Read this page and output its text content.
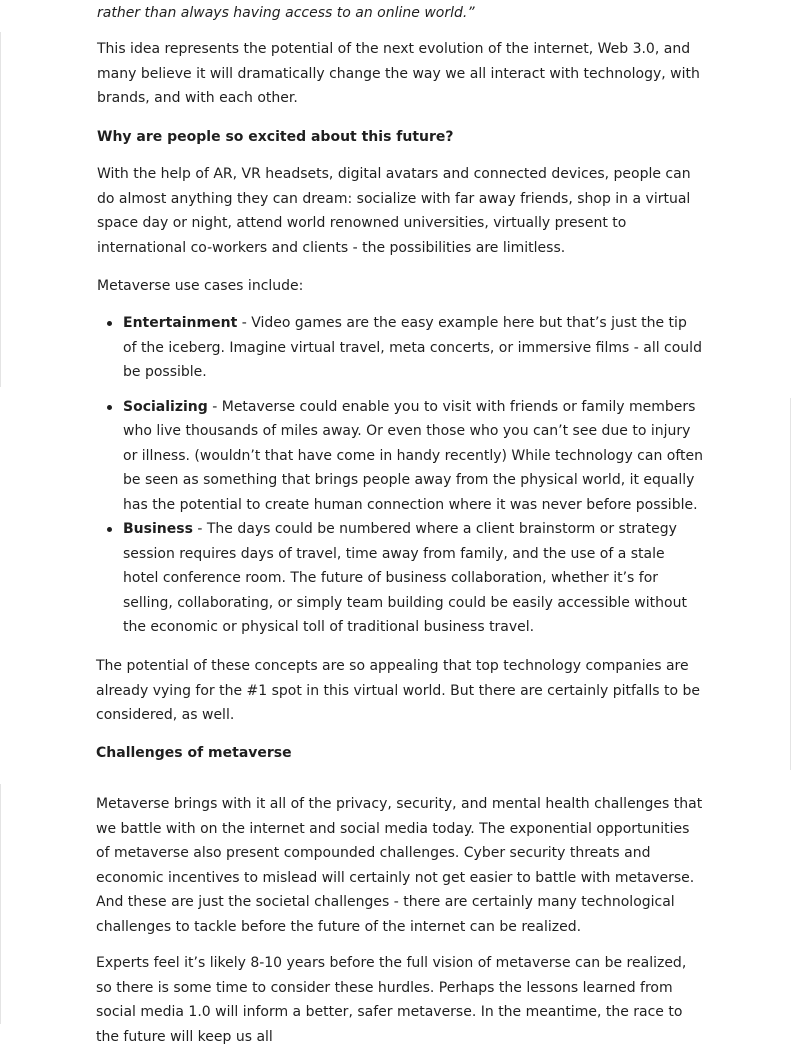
rather than always having access to an online world.”

This idea represents the potential of the next evolution of the internet, Web 3.0, and many believe it will dramatically change the way we all interact with technology, with brands, and with each other.

Why are people so excited about this future?

With the help of AR, VR headsets, digital avatars and connected devices, people can do almost anything they can dream: socialize with far away friends, shop in a virtual space day or night, attend world renowned universities, virtually present to international co-workers and clients - the possibilities are limitless.

Metaverse use cases include:

Entertainment - Video games are the easy example here but that’s just the tip of the iceberg. Imagine virtual travel, meta concerts, or immersive films - all could be possible.
Socializing - Metaverse could enable you to visit with friends or family members who live thousands of miles away. Or even those who you can’t see due to injury or illness. (wouldn’t that have come in handy recently) While technology can often be seen as something that brings people away from the physical world, it equally has the potential to create human connection where it was never before possible.
Business - The days could be numbered where a client brainstorm or strategy session requires days of travel, time away from family, and the use of a stale hotel conference room. The future of business collaboration, whether it’s for selling, collaborating, or simply team building could be easily accessible without the economic or physical toll of traditional business travel.

The potential of these concepts are so appealing that top technology companies are already vying for the #1 spot in this virtual world. But there are certainly pitfalls to be considered, as well.

Challenges of metaverse

Metaverse brings with it all of the privacy, security, and mental health challenges that we battle with on the internet and social media today. The exponential opportunities of metaverse also present compounded challenges. Cyber security threats and economic incentives to mislead will certainly not get easier to battle with metaverse. And these are just the societal challenges - there are certainly many technological challenges to tackle before the future of the internet can be realized.

Experts feel it’s likely 8-10 years before the full vision of metaverse can be realized, so there is some time to consider these hurdles. Perhaps the lessons learned from social media 1.0 will inform a better, safer metaverse. In the meantime, the race to the future will keep us all
